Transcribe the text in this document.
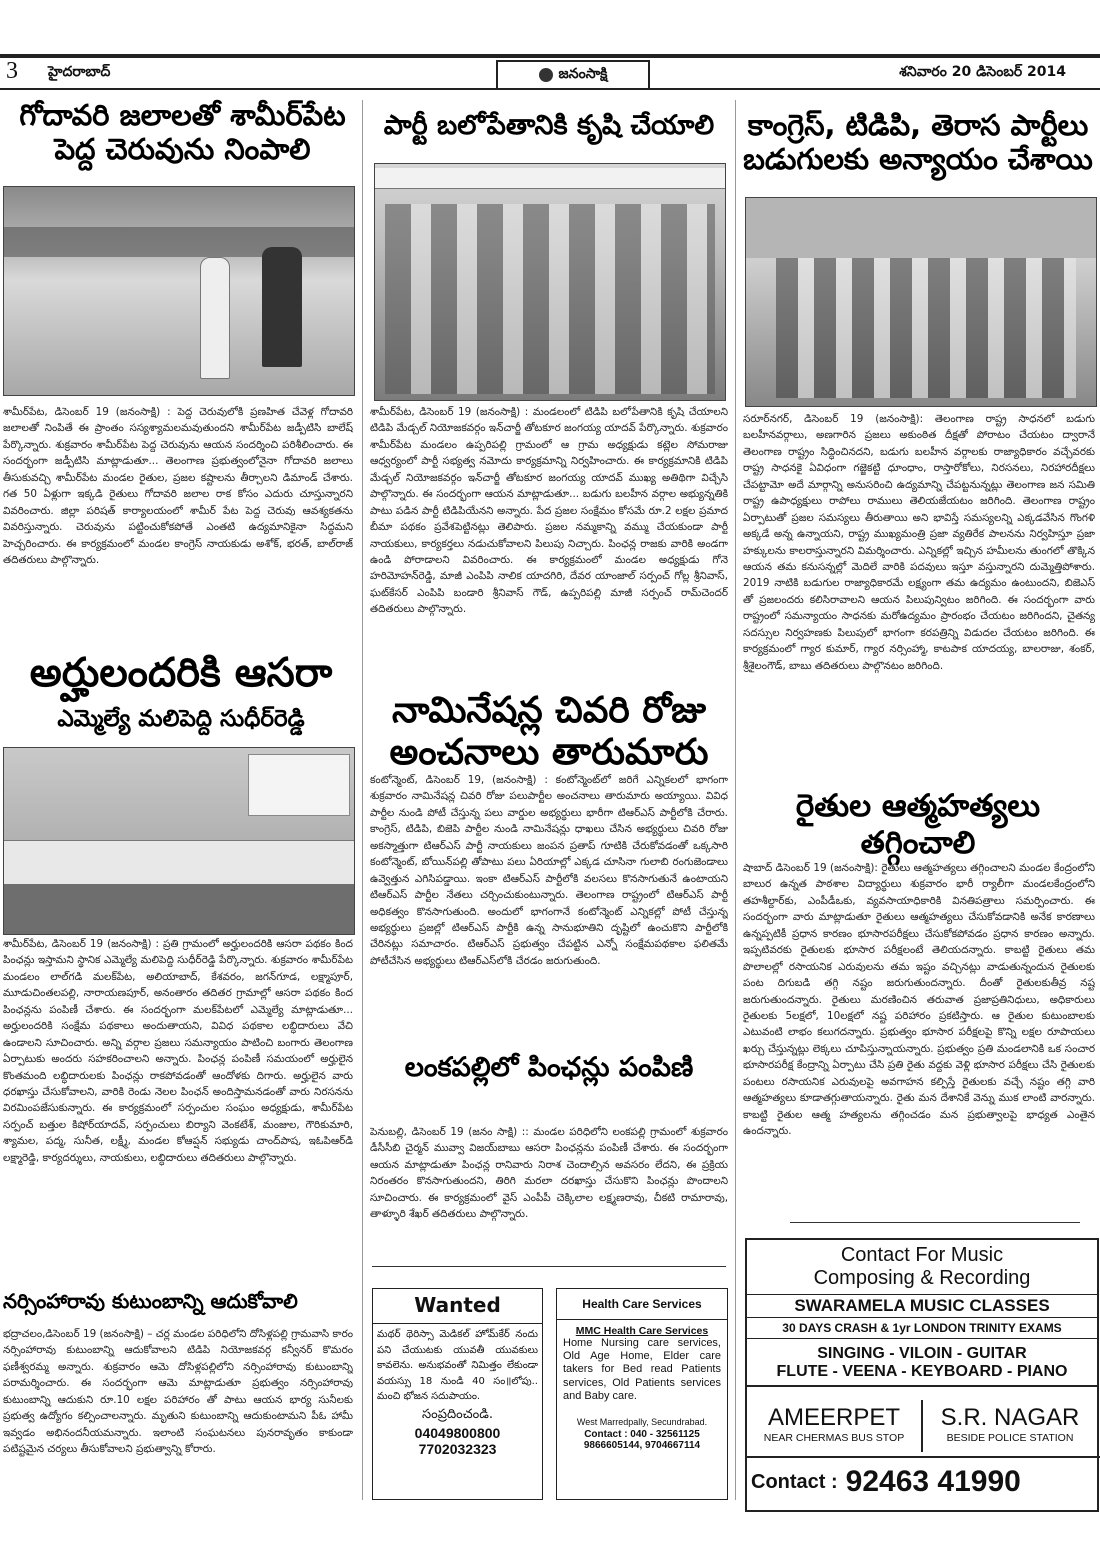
3 హైదరాబాద్	జనంసాక్షి	శనివారం 20 డిసెంబర్ 2014
గోదావరి జలాలతో శామీర్‌పేట
పెద్ద చెరువును నింపాలి
శామీర్‌పేట, డిసెంబర్ 19 (జనంసాక్షి) : పెద్ద చెరువులోకి ప్రణహిత చేవెళ్ల గోదావరి జలాలతో నింపితే ఈ ప్రాంతం సస్యశ్యామలమవుతుందని శామీర్‌పేట జడ్పీటిసి బాలేష్ పేర్కొన్నారు. శుక్రవారం శామీర్‌పేట పెద్ద చెరువును ఆయన సందర్శించి పరిశీలించారు. ఈ సందర్భంగా జడ్పీటిసి మాట్లాడుతూ... తెలంగాణ ప్రభుత్వంలోనైనా గోదావరి జలాలు తీసుకువచ్చి శామీర్‌పేట మండల రైతుల, ప్రజల కష్టాలను తీర్చాలని డిమాండ్ చేశారు. గత 50 ఏళ్లుగా ఇక్కడి రైతులు గోదావరి జలాల రాక కోసం ఎదురు చూస్తున్నారని వివరించారు. జిల్లా పరిషత్ కార్యాలయంలో శామీర్ పేట పెద్ద చెరువు ఆవశ్యకతను వివరిస్తున్నారు. చెరువును పట్టించుకోకపోతే ఎంతటి ఉద్యమానికైనా సిద్ధమని హెచ్చరించారు. ఈ కార్యక్రమంలో మండల కాంగ్రెస్ నాయకుడు అశోక్, భరత్, బాల్‌రాజ్ తదితరులు పాల్గొన్నారు.
అర్హులందరికి ఆసరా
ఎమ్మెల్యే మలిపెద్ది సుధీర్‌రెడ్డి
శామీర్‌పేట, డిసెంబర్ 19 (జనంసాక్షి) : ప్రతి గ్రామంలో అర్హులందరికి ఆసరా పథకం కింద పింఛన్లు ఇస్తామని స్థానిక ఎమ్మెల్యే మలిపెద్ది సుధీర్‌రెడ్డి పేర్కొన్నారు. శుక్రవారం శామీర్‌పేట మండలం లాల్‌గడి మలక్‌పేట, అలియాబాద్, కేశవరం, జగన్‌గూడ, లక్ష్మాపూర్, మూడుచింతలపల్లి, నారాయణపూర్, అనంతారం తదితర గ్రామాల్లో ఆసరా పథకం కింద పింఛన్లను పంపిణీ చేశారు. ఈ సందర్భంగా మలక్‌పేటలో ఎమ్మెల్యే మాట్లాడుతూ... అర్హులందరికి సంక్షేమ పథకాలు అందుతాయని, వివిధ పథకాల లబ్ధిదారులు వేచి ఉండాలని సూచించారు. అన్ని వర్గాల ప్రజలు సమన్యాయం పాటించి బంగారు తెలంగాణ ఏర్పాటుకు అందరు సహకరించాలని అన్నారు. పింఛన్ల పంపిణీ సమయంలో అర్హులైన కొంతమంది లబ్ధిదారులకు పింఛన్లు రాకపోవడంతో ఆందోళకు దిగారు. అర్హులైన వారు ధరఖాస్తు చేసుకోవాలని, వారికి రెండు నెలల పింఛన్ అందిస్తామనడంతో వారు నిరసనను విరమింపజేసుకున్నారు. ఈ కార్యక్రమంలో సర్పంచుల సంఘం అధ్యక్షుడు, శామీర్‌పేట సర్పంచ్ బత్తుల కిషోర్‌యాదవ్, సర్పంచులు బిర్యాని వెంకటేశ్, మంజుల, గౌరికుమారి, శ్యామల, పద్మ, సునీత, లక్ష్మీ, మండల కోఆప్షన్ సభ్యుడు చాంద్‌పాష, ఇఓపిఆర్‌డి లక్ష్మారెడ్డి, కార్యదర్శులు, నాయకులు, లబ్ధిదారులు తదితరులు పాల్గొన్నారు.
నర్సింహారావు కుటుంబాన్ని ఆదుకోవాలి
భద్రాచలం,డిసెంబర్ 19 (జనంసాక్షి) – చర్ల మండల పరిధిలోని దోసిళ్లపల్లి గ్రామవాసి కారం నర్సింహారావు కుటుంబాన్ని ఆదుకోవాలని టిడిపి నియోజకవర్గ కన్వీనర్ కొమరం ఫణీశ్వరమ్మ అన్నారు. శుక్రవారం ఆమె దోసిళ్లపల్లిలోని నర్సింహారావు కుటుంబాన్ని పరామర్శించారు. ఈ సందర్భంగా ఆమె మాట్లాడుతూ ప్రభుత్వం నర్సింహారావు కుటుంబాన్ని ఆదుకుని రూ.10 లక్షల పరిహారం తో పాటు ఆయన భార్య సునీలకు ప్రభుత్వ ఉద్యోగం కల్పించాలన్నారు. మృతుని కుటుంబాన్ని ఆదుకుంటామని పీఓ హామీ ఇవ్వడం అభినందనీయమన్నారు. ఇలాంటి సంఘటనలు పునరావృతం కాకుండా పటిష్టమైన చర్యలు తీసుకోవాలని ప్రభుత్వాన్ని కోరారు.
పార్టీ బలోపేతానికి కృషి చేయాలి
శామీర్‌పేట, డిసెంబర్ 19 (జనంసాక్షి) : మండలంలో టిడిపి బలోపేతానికి కృషి చేయాలని టిడిపి మేడ్చల్ నియోజకవర్గం ఇన్‌చార్జీ తోటకూర జంగయ్య యాదవ్ పేర్కొన్నారు. శుక్రవారం శామీర్‌పేట మండలం ఉప్పరిపల్లి గ్రామంలో ఆ గ్రామ అధ్యక్షుడు కట్లెల సోమరాజు ఆధ్వర్యంలో పార్టీ సభ్యత్వ నమోదు కార్యక్రమాన్ని నిర్వహించారు. ఈ కార్యక్రమానికి టిడిపి మేడ్చల్ నియోజకవర్గం ఇన్‌చార్జీ తోటకూర జంగయ్య యాదవ్ ముఖ్య అతిథిగా విచ్చేసి పాల్గొన్నారు. ఈ సందర్భంగా ఆయన మాట్లాడుతూ... బడుగు బలహీన వర్గాల అభ్యున్నతికి పాటు పడిన పార్టీ టిడిపియేనని అన్నారు. పేద ప్రజల సంక్షేమం కోసమే రూ.2 లక్షల ప్రమాద బీమా పథకం ప్రవేశపెట్టినట్లు తెలిపారు. ప్రజల నమ్మకాన్ని వమ్ము చేయకుండా పార్టీ నాయకులు, కార్యకర్తలు నడుచుకోవాలని పిలుపు నిచ్చారు. పింఛన్ల రాజకు వారికి అండగా ఉండి పోరాడాలని వివరించారు. ఈ కార్యక్రమంలో మండల అధ్యక్షుడు గోనె హరిమోహన్‌రెడ్డి, మాజీ ఎంపిపి నాలిక యాదగిరి, దేవర యాంజాల్ సర్పంచ్ గోల్ల శ్రీనివాస్, ఘట్‌కేసర్ ఎంపిపి బండారి శ్రీనివాస్ గౌడ్, ఉప్పరిపల్లి మాజీ సర్పంచ్ రామ్‌చెందర్ తదితరులు పాల్గొన్నారు.
నామినేషన్ల చివరి రోజు
అంచనాలు తారుమారు
కంటోన్మెంట్, డిసెంబర్ 19, (జనంసాక్షి) : కంటోన్మెంట్‌లో జరిగే ఎన్నికలలో భాగంగా శుక్రవారం నామినేషన్ల చివరి రోజు పలుపార్టీల అంచనాలు తారుమారు అయ్యాయి. వివిధ పార్టీల నుండి పోటీ చేస్తున్న పలు వార్డుల అభ్యర్థులు భారీగా టిఆర్‌ఎస్ పార్టీలోకి చేరారు. కాంగ్రెస్, టిడిపి, బిజెపి పార్టీల నుండి నామినేషన్లు ధాఖలు చేసిన అభ్యర్థులు చివరి రోజు అకస్మాత్తుగా టిఆర్‌ఎస్ పార్టీ నాయకులు జంపన ప్రతాప్ గూటికి చేరుకోవడంతో ఒక్కసారి కంటోన్మెంట్, బోయిన్‌పల్లి తోపాటు పలు ఏరియాల్లో ఎక్కడ చూసినా గులాబి రంగుజెండాలు ఉవ్వెత్తున ఎగిసిపడ్డాయి. ఇంకా టిఆర్‌ఎస్ పార్టీలోకి వలసలు కొనసాగుతునే ఉంటాయని టిఆర్‌ఎస్ పార్టీల నేతలు చర్చించుకుంటున్నారు. తెలంగాణ రాష్ట్రంలో టిఆర్‌ఎస్ పార్టీ అధికత్వం కొనసాగుతుంది. అందులో భాగంగానే కంటోన్మెంట్ ఎన్నికల్లో పోటీ చేస్తున్న అభ్యర్థులు ప్రజల్లో టిఆర్‌ఎస్ పార్టీకి ఉన్న సానుభూతిని దృష్టిలో ఉంచుకొని పార్టీలోకి చేరినట్లు సమాచారం. టిఆర్‌ఎస్ ప్రభుత్వం చేపట్టిన ఎన్నో సంక్షేమపథకాల ఫలితమే పోటీచేసిన అభ్యర్థులు టిఆర్‌ఎస్‌లోకి చేరడం జరుగుతుంది.
లంకపల్లిలో పింఛన్లు పంపిణి
పెనుబల్లి, డిసెంబర్ 19 (జనం సాక్షి) :: మండల పరిధిలోని లంకపల్లి గ్రామంలో శుక్రవారం డీసీసీబి చైర్మన్ మువ్వా విజయ్‌బాబు ఆసరా పింఛన్లను పంపిణీ చేశారు. ఈ సందర్భంగా ఆయన మాట్లాడుతూ పింఛన్ల రానివారు నిరాశ చెందాల్సిన అవసరం లేదని, ఈ ప్రక్రియ నిరంతరం కొనసాగుతుందని, తిరిగి మరలా దరఖాస్తు చేసుకొని పింఛన్లు పొందాలని సూచించారు. ఈ కార్యక్రమంలో వైస్ ఎంపీపీ చెక్కిలాల లక్ష్మణరావు, చీకటి రామారావు, తాళ్ళూరి శేఖర్ తదితరులు పాల్గొన్నారు.
Wanted
మథర్ థెరిస్సా మెడికల్ హోమ్‌కేర్ నందు పని చేయుటకు యువతీ యువకులు కావలెను. అనుభవంతో నిమిత్తం లేకుండా వయస్సు 18 నుండి 40 సం॥లోపు.. మంచి భోజన సదుపాయం.
సంప్రదించండి.
04049800800
7702032323
Health Care Services
MMC Health Care Services
Home Nursing care services, Old Age Home, Elder care takers for Bed read Patients services, Old Patients services and Baby care.
West Marredpally, Secundrabad.
Contact : 040 - 32561125
9866605144, 9704667114
కాంగ్రెస్, టిడిపి, తెరాస పార్టీలు
బడుగులకు అన్యాయం చేశాయి
సరూర్‌నగర్, డిసెంబర్ 19 (జనంసాక్షి): తెలంగాణ రాష్ట్ర సాధనలో బడుగు బలహీనవర్గాలు, అణగారిన ప్రజలు అకుంఠిత దీక్షతో పోరాటం చేయటం ద్వారానే తెలంగాణ రాష్ట్రం సిద్ధించినదని, బడుగు బలహీన వర్గాలకు రాజ్యాధికారం వచ్చేవరకు రాష్ట్ర సాధనకై ఏవిధంగా గజ్జెకట్టి ధూంధాం, రాస్తారోకోలు, నిరసనలు, నిరహారదీక్షలు చేపట్టామో అదే మార్గాన్ని అనుసరించి ఉద్యమాన్ని చేపట్టనున్నట్లు తెలంగాణ జన సమితి రాష్ట్ర ఉపాధ్యక్షులు రాపోలు రాములు తెలియజేయటం జరిగింది. తెలంగాణ రాష్ట్రం ఏర్పాటుతో ప్రజల సమస్యలు తీరుతాయి అని భావిస్తే సమస్యలన్ని ఎక్కడవేసిన గొంగళి అక్కడే అన్న ఉన్నాయని, రాష్ట్ర ముఖ్యమంత్రి ప్రజా వ్యతిరేక పాలనను నిర్వహిస్తూ ప్రజా హక్కులను కాలరాస్తున్నారని విమర్శించారు. ఎన్నికల్లో ఇచ్చిన హమీలను తుంగలో తొక్కిన ఆయన తమ కనుసన్నల్లో మెదిలే వారికి పదవులు ఇస్తూ వస్తున్నారని దుమ్మెత్తిపోశారు. 2019 నాటికి బడుగుల రాజ్యాధికారమే లక్ష్యంగా తమ ఉద్యమం ఉంటుందని, బిజెఎస్ తో ప్రజలందరు కలిసిరావాలని ఆయన పిలుపున్విటం జరిగింది. ఈ సందర్భంగా వారు రాష్ట్రంలో సమన్యాయం సాధనకు మరోఉద్యమం ప్రారంభం చేయటం జరిగిందని, చైతన్య సదస్సుల నిర్వహణకు పిలుపులో భాగంగా కరపత్రిన్ని విడుదల చేయటం జరిగింది. ఈ కార్యక్రమంలో గ్యార కుమార్, గ్యార నర్సింహ్మా, కాటపాక యాదయ్య, బాలరాజు, శంకర్, శ్రీశైలంగౌడ్, బాబు తదితరులు పాల్గొనటం జరిగింది.
రైతుల ఆత్మహత్యలు తగ్గించాలి
షాబాద్ డిసెంబర్ 19 (జనంసాక్షి): రైతులు ఆత్మహత్యలు తగ్గించాలని మండల కేంద్రంలోని బాలుర ఉన్నత పాఠశాల విద్యార్థులు శుక్రవారం భారీ ర్యాలీగా మండలకేంద్రంలోని తహశీల్దార్‌కు, ఎంపీడీఒకు, వ్యవసాయాధికారికి వినతిపత్రాలు సమర్పించారు. ఈ సందర్భంగా వారు మాట్లాడుతూ రైతులు ఆత్మహత్యలు చేసుకోవడానికి అనేక కారణాలు ఉన్నప్పటికీ ప్రధాన కారణం భూసారపరీక్షలు చేసుకోకపోవడం ప్రధాన కారణం అన్నారు. ఇప్పటివరకు రైతులకు భూసార పరీక్షలంటే తెలియదన్నారు. కాబట్టి రైతులు తమ పొలాలల్లో రసాయనిక ఎరువులను తమ ఇష్టం వచ్చినట్లు వాడుతున్నందున రైతులకు పంట దిగుబడి తగ్గి నష్టం జరుగుతుందన్నారు. దీంతో రైతులకుతీవ్ర నష్ట జరుగుతుందన్నారు. రైతులు మరణించిన తరువాత ప్రజాప్రతినిధులు, అధికారులు రైతులకు 5లక్షలో, 10లక్షలో నష్ట పరిహారం ప్రకటిస్తారు. ఆ రైతుల కుటుంబాలకు ఎటువంటి లాభం కలుగదన్నారు. ప్రభుత్వం భూసార పరీక్షలపై కొన్ని లక్షల రూపాయలు ఖర్చు చేస్తున్నట్లు లెక్కలు చూపిస్తున్నాయన్నారు. ప్రభుత్వం ప్రతి మండలానికి ఒక సంచార భూసారపరీక్ష కేంద్రాన్ని ఏర్పాటు చేసి ప్రతి రైతు వద్దకు వెళ్లి భూసార పరీక్షలు చేసి రైతులకు పంటలు రసాయనిక ఎరువులపై అవగాహన కల్పిస్తే రైతులకు వచ్చే నష్టం తగ్గి వారి ఆత్మహత్యలు కూడాతగ్గుతాయన్నారు. రైతు మన దేశానికే వెన్ను ముక లాంటి వారన్నారు. కాబట్టి రైతుల ఆత్మ హత్యలను తగ్గించడం మన ప్రభుత్వాలపై భాధ్యత ఎంతైన ఉందన్నారు.
Contact For Music
Composing & Recording
SWARAMELA MUSIC CLASSES
30 DAYS CRASH & 1yr LONDON TRINITY EXAMS
SINGING - VILOIN - GUITAR
FLUTE - VEENA - KEYBOARD - PIANO
AMEERPET
NEAR CHERMAS BUS STOP
S.R. NAGAR
BESIDE POLICE STATION
Contact : 92463 41990
